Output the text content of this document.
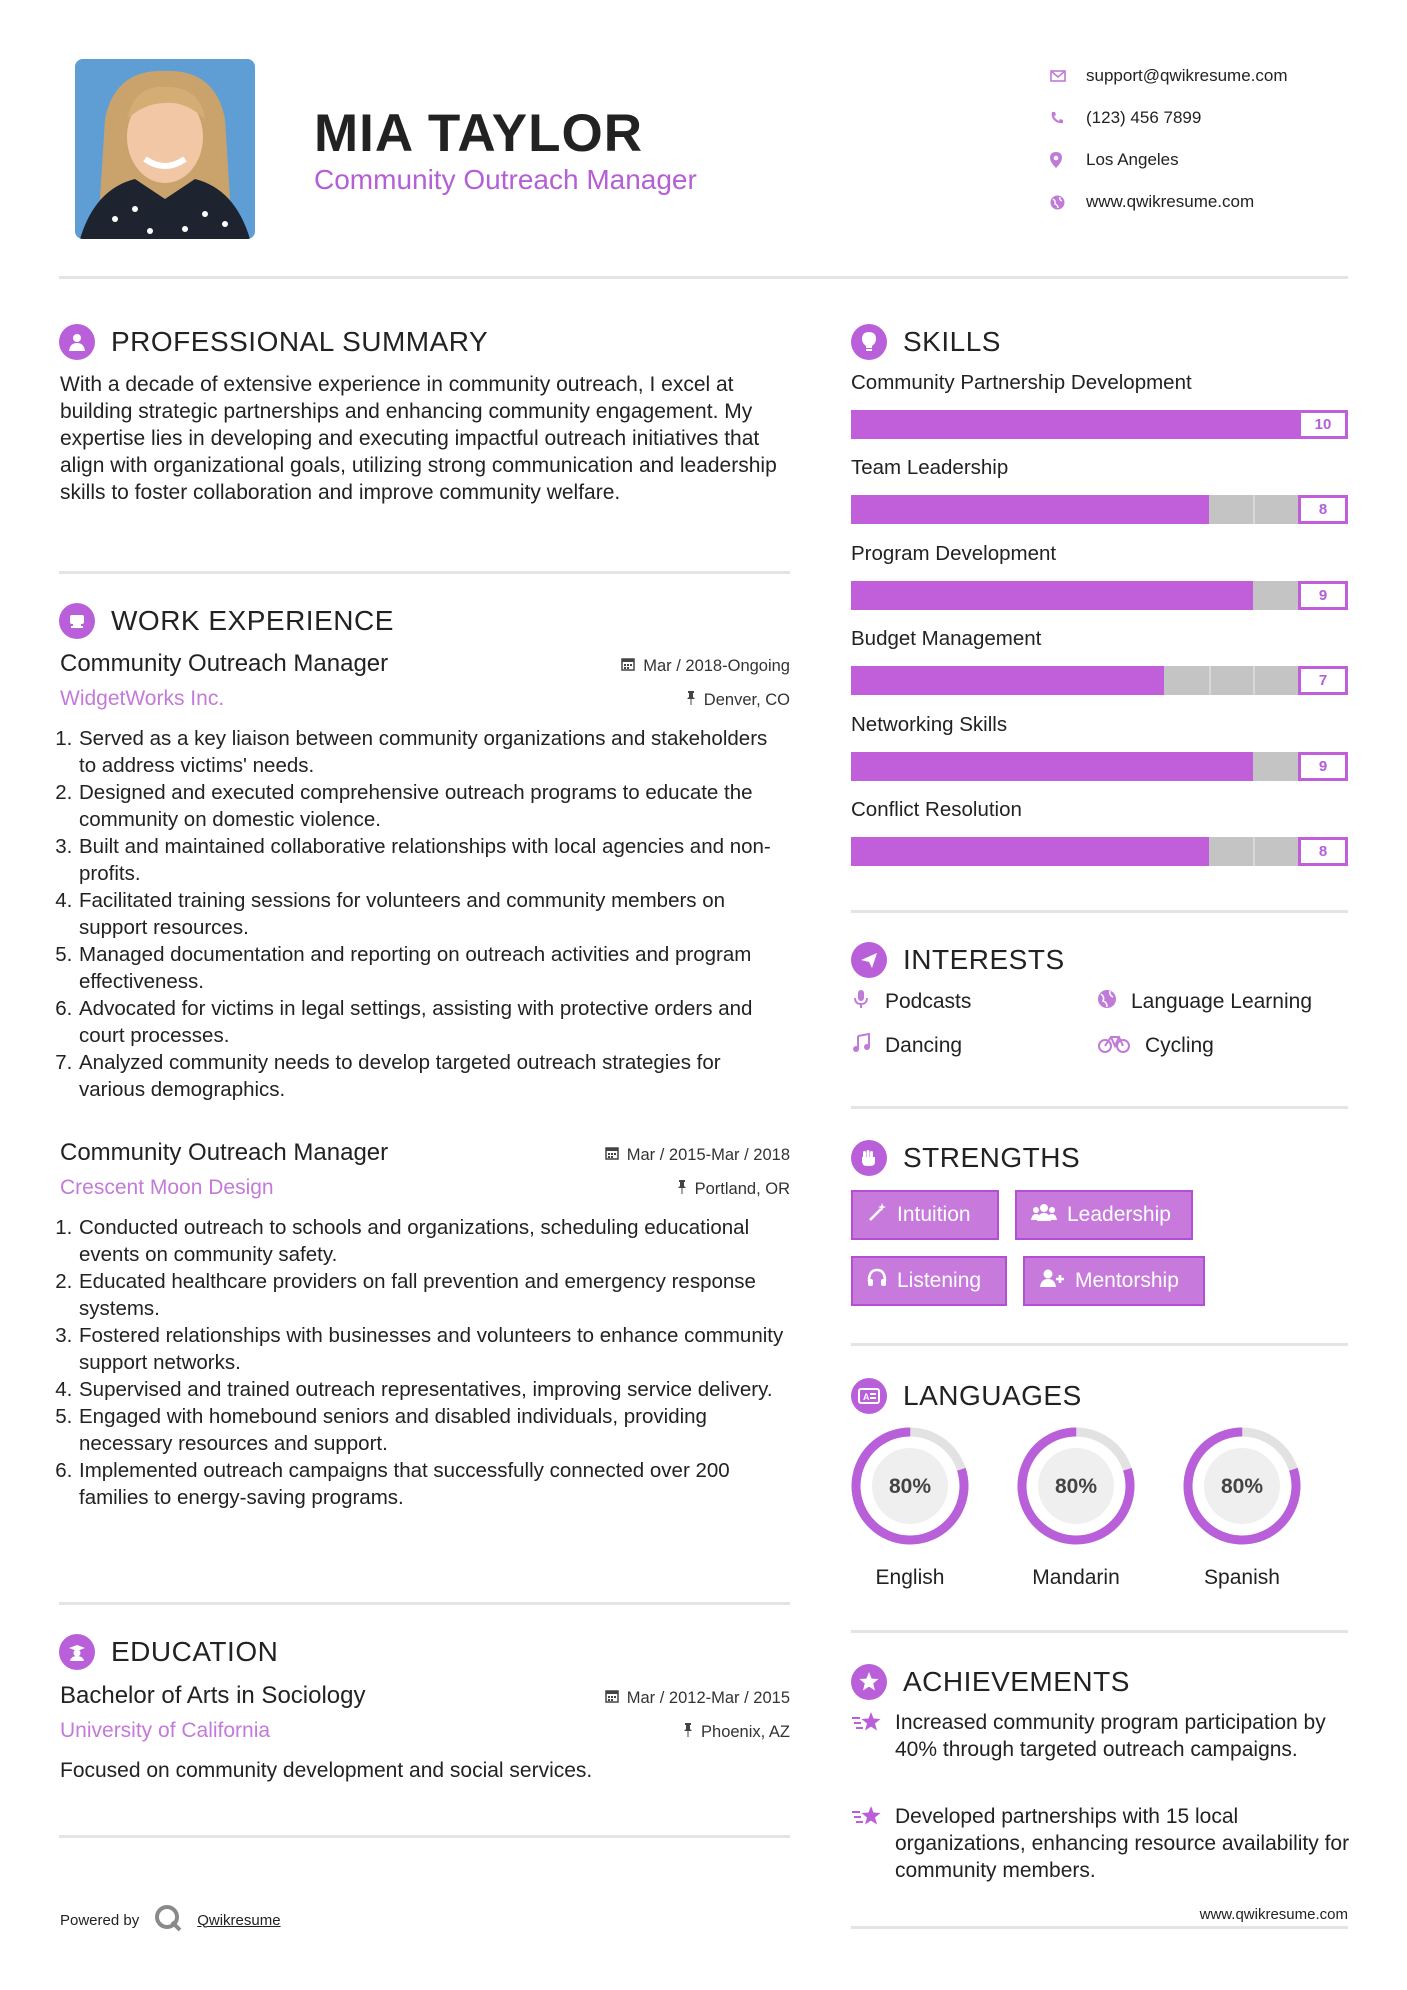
MIA TAYLOR
Community Outreach Manager
support@qwikresume.com
(123) 456 7899
Los Angeles
www.qwikresume.com
PROFESSIONAL SUMMARY
With a decade of extensive experience in community outreach, I excel at building strategic partnerships and enhancing community engagement. My expertise lies in developing and executing impactful outreach initiatives that align with organizational goals, utilizing strong communication and leadership skills to foster collaboration and improve community welfare.
WORK EXPERIENCE
Community Outreach Manager	Mar / 2018-Ongoing
WidgetWorks Inc.	Denver, CO
1. Served as a key liaison between community organizations and stakeholders to address victims' needs.
2. Designed and executed comprehensive outreach programs to educate the community on domestic violence.
3. Built and maintained collaborative relationships with local agencies and non-profits.
4. Facilitated training sessions for volunteers and community members on support resources.
5. Managed documentation and reporting on outreach activities and program effectiveness.
6. Advocated for victims in legal settings, assisting with protective orders and court processes.
7. Analyzed community needs to develop targeted outreach strategies for various demographics.
Community Outreach Manager	Mar / 2015-Mar / 2018
Crescent Moon Design	Portland, OR
1. Conducted outreach to schools and organizations, scheduling educational events on community safety.
2. Educated healthcare providers on fall prevention and emergency response systems.
3. Fostered relationships with businesses and volunteers to enhance community support networks.
4. Supervised and trained outreach representatives, improving service delivery.
5. Engaged with homebound seniors and disabled individuals, providing necessary resources and support.
6. Implemented outreach campaigns that successfully connected over 200 families to energy-saving programs.
EDUCATION
Bachelor of Arts in Sociology	Mar / 2012-Mar / 2015
University of California	Phoenix, AZ
Focused on community development and social services.
SKILLS
Community Partnership Development
10
Team Leadership
8
Program Development
9
Budget Management
7
Networking Skills
9
Conflict Resolution
8
INTERESTS
Podcasts	Language Learning
Dancing	Cycling
STRENGTHS
Intuition	Leadership
Listening	Mentorship
A LANGUAGES
80%
English
80%
Mandarin
80%
Spanish
ACHIEVEMENTS
Increased community program participation by 40% through targeted outreach campaigns.
Developed partnerships with 15 local organizations, enhancing resource availability for community members.
Powered by	Qwikresume	www.qwikresume.com
